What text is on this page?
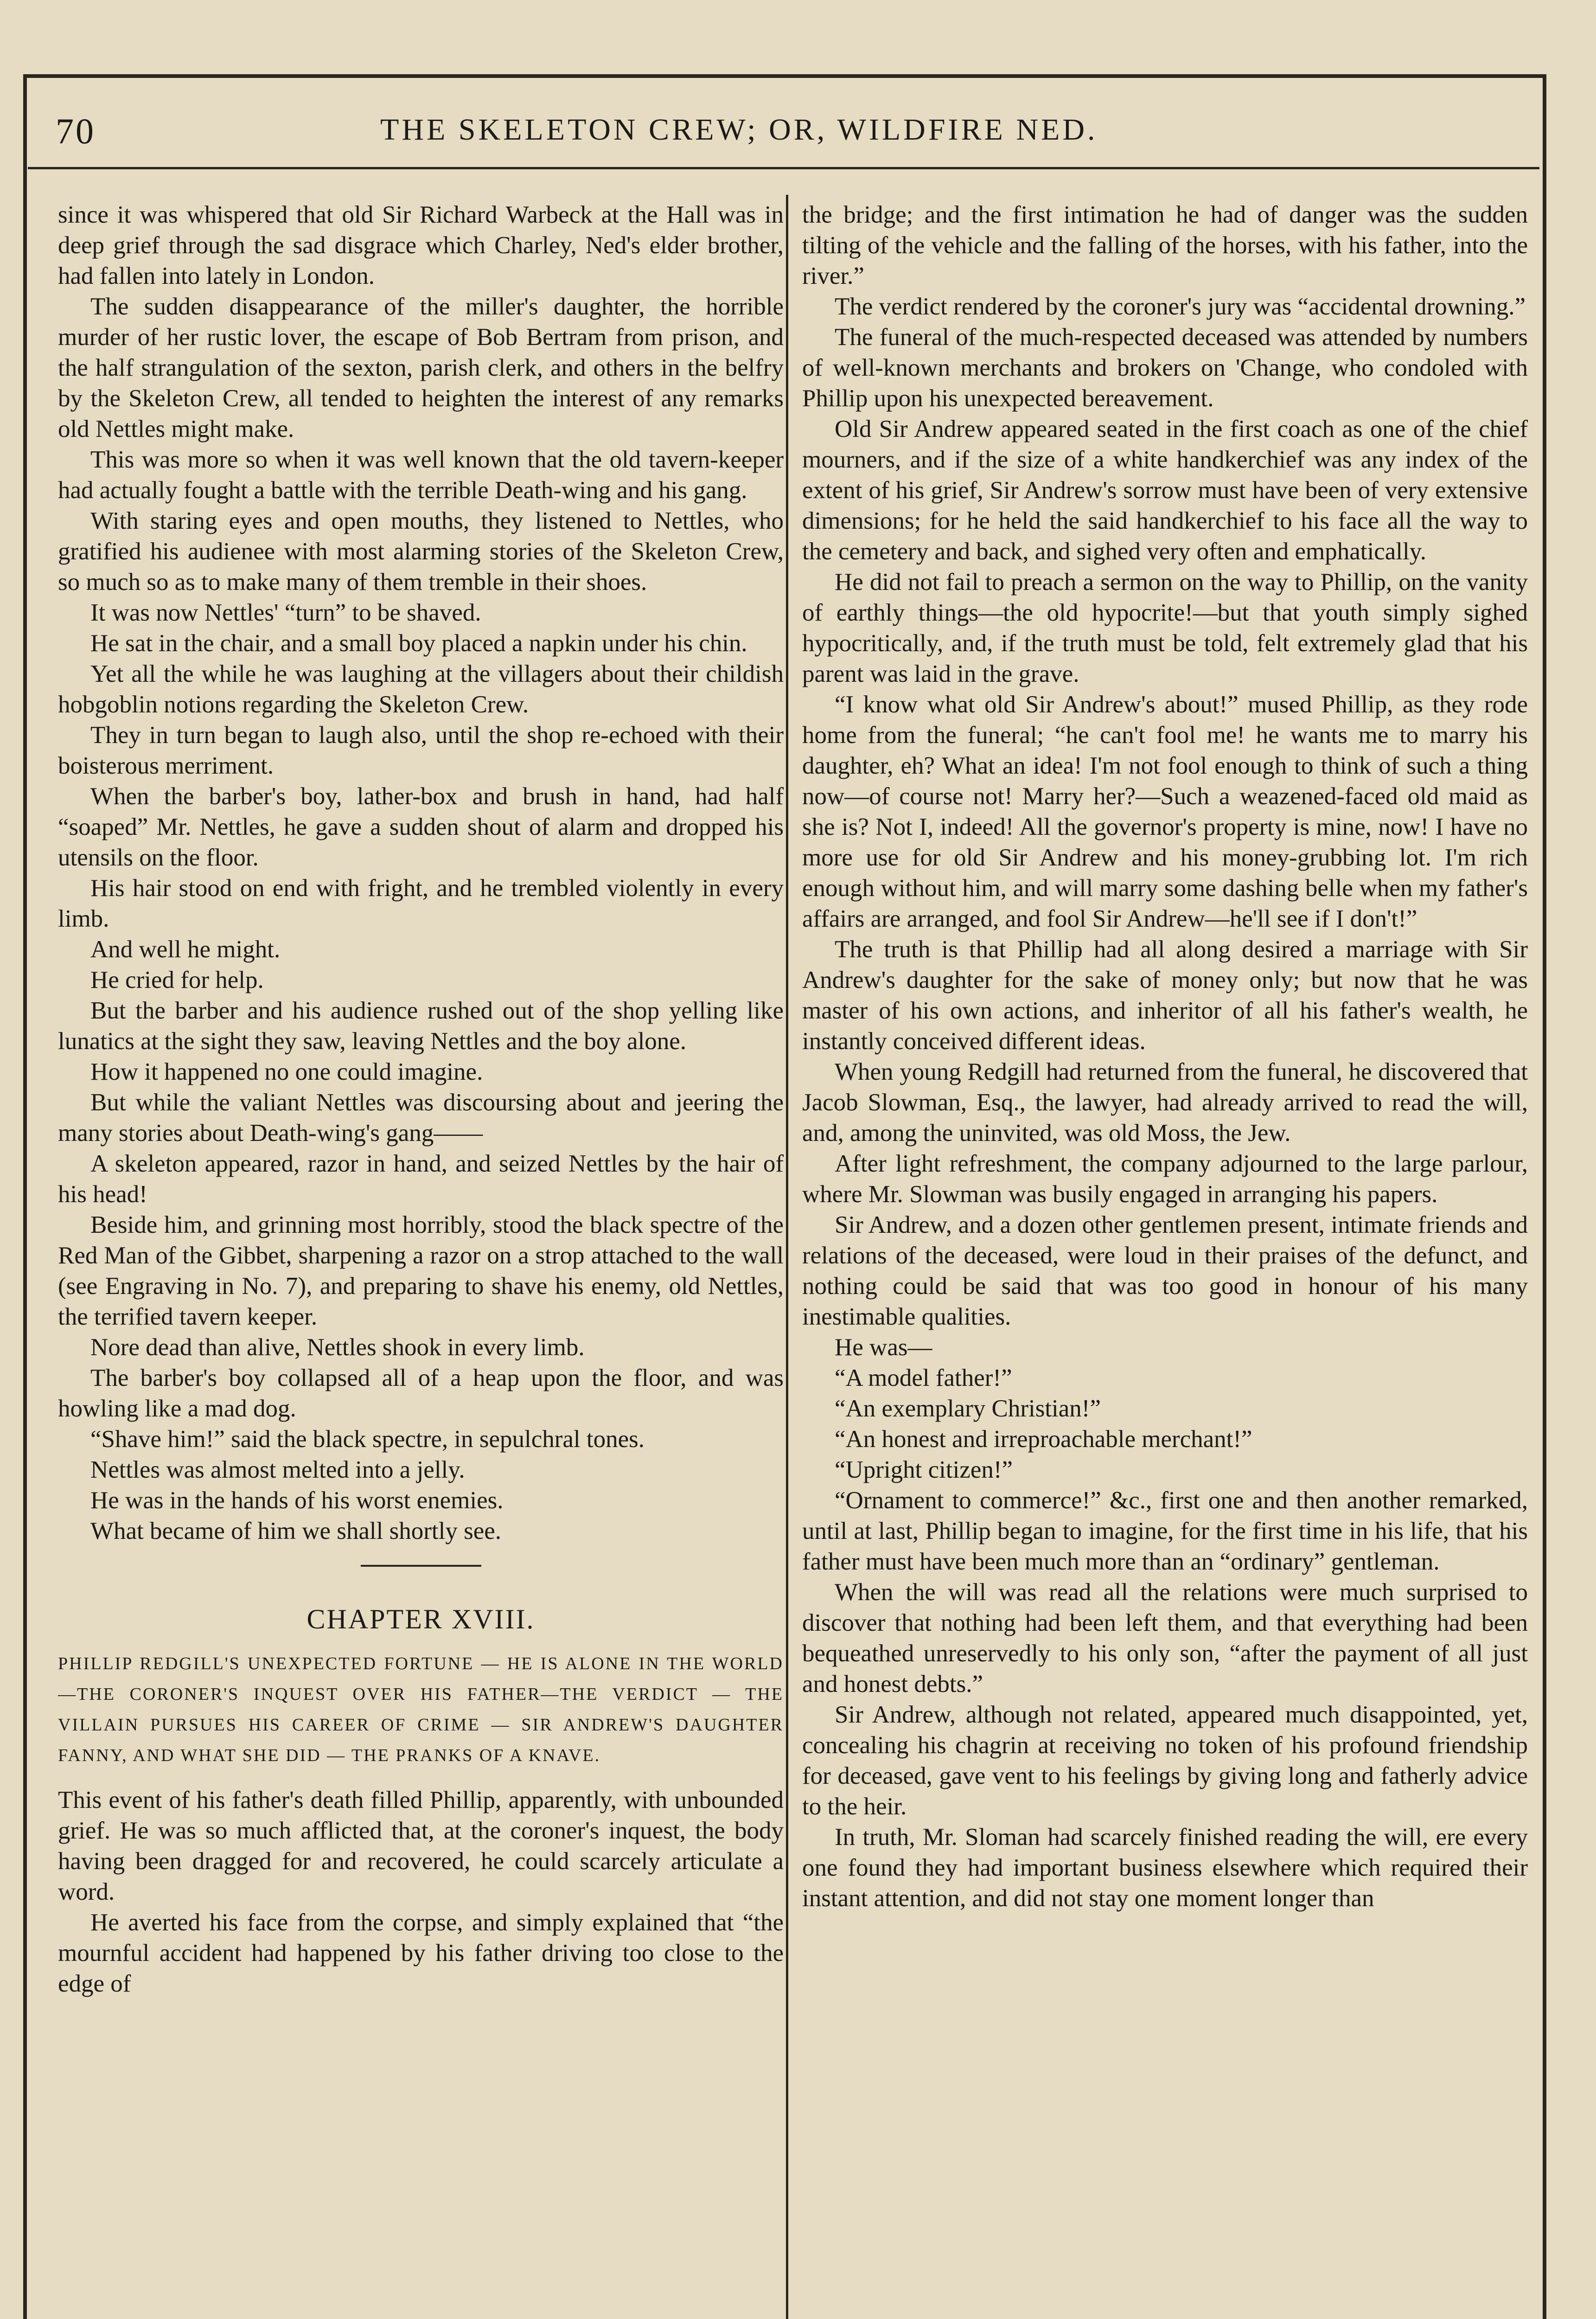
70	THE SKELETON CREW; OR, WILDFIRE NED.

since it was whispered that old Sir Richard Warbeck at the Hall was in deep grief through the sad disgrace which Charley, Ned's elder brother, had fallen into lately in London.

The sudden disappearance of the miller's daughter, the horrible murder of her rustic lover, the escape of Bob Bertram from prison, and the half strangulation of the sexton, parish clerk, and others in the belfry by the Skeleton Crew, all tended to heighten the interest of any remarks old Nettles might make.

This was more so when it was well known that the old tavern-keeper had actually fought a battle with the terrible Death-wing and his gang.

With staring eyes and open mouths, they listened to Nettles, who gratified his audienee with most alarming stories of the Skeleton Crew, so much so as to make many of them tremble in their shoes.

It was now Nettles' “turn” to be shaved.

He sat in the chair, and a small boy placed a napkin under his chin.

Yet all the while he was laughing at the villagers about their childish hobgoblin notions regarding the Skeleton Crew.

They in turn began to laugh also, until the shop re-echoed with their boisterous merriment.

When the barber's boy, lather-box and brush in hand, had half “soaped” Mr. Nettles, he gave a sudden shout of alarm and dropped his utensils on the floor.

His hair stood on end with fright, and he trembled violently in every limb.

And well he might.

He cried for help.

But the barber and his audience rushed out of the shop yelling like lunatics at the sight they saw, leaving Nettles and the boy alone.

How it happened no one could imagine.

But while the valiant Nettles was discoursing about and jeering the many stories about Death-wing's gang——

A skeleton appeared, razor in hand, and seized Nettles by the hair of his head!

Beside him, and grinning most horribly, stood the black spectre of the Red Man of the Gibbet, sharpening a razor on a strop attached to the wall (see Engraving in No. 7), and preparing to shave his enemy, old Nettles, the terrified tavern keeper.

Nore dead than alive, Nettles shook in every limb.

The barber's boy collapsed all of a heap upon the floor, and was howling like a mad dog.

“Shave him!” said the black spectre, in sepulchral tones.

Nettles was almost melted into a jelly.

He was in the hands of his worst enemies.

What became of him we shall shortly see.

CHAPTER XVIII.
PHILLIP REDGILL'S UNEXPECTED FORTUNE — HE IS ALONE IN THE WORLD—THE CORONER'S INQUEST OVER HIS FATHER—THE VERDICT — THE VILLAIN PURSUES HIS CAREER OF CRIME — SIR ANDREW'S DAUGHTER FANNY, AND WHAT SHE DID — THE PRANKS OF A KNAVE.

This event of his father's death filled Phillip, apparently, with unbounded grief. He was so much afflicted that, at the coroner's inquest, the body having been dragged for and recovered, he could scarcely articulate a word.

He averted his face from the corpse, and simply explained that “the mournful accident had happened by his father driving too close to the edge of

the bridge; and the first intimation he had of danger was the sudden tilting of the vehicle and the falling of the horses, with his father, into the river.”

The verdict rendered by the coroner's jury was “accidental drowning.”

The funeral of the much-respected deceased was attended by numbers of well-known merchants and brokers on 'Change, who condoled with Phillip upon his unexpected bereavement.

Old Sir Andrew appeared seated in the first coach as one of the chief mourners, and if the size of a white handkerchief was any index of the extent of his grief, Sir Andrew's sorrow must have been of very extensive dimensions; for he held the said handkerchief to his face all the way to the cemetery and back, and sighed very often and emphatically.

He did not fail to preach a sermon on the way to Phillip, on the vanity of earthly things—the old hypocrite!—but that youth simply sighed hypocritically, and, if the truth must be told, felt extremely glad that his parent was laid in the grave.

“I know what old Sir Andrew's about!” mused Phillip, as they rode home from the funeral; “he can't fool me! he wants me to marry his daughter, eh? What an idea! I'm not fool enough to think of such a thing now—of course not! Marry her?—Such a weazened-faced old maid as she is? Not I, indeed! All the governor's property is mine, now! I have no more use for old Sir Andrew and his money-grubbing lot. I'm rich enough without him, and will marry some dashing belle when my father's affairs are arranged, and fool Sir Andrew—he'll see if I don't!”

The truth is that Phillip had all along desired a marriage with Sir Andrew's daughter for the sake of money only; but now that he was master of his own actions, and inheritor of all his father's wealth, he instantly conceived different ideas.

When young Redgill had returned from the funeral, he discovered that Jacob Slowman, Esq., the lawyer, had already arrived to read the will, and, among the uninvited, was old Moss, the Jew.

After light refreshment, the company adjourned to the large parlour, where Mr. Slowman was busily engaged in arranging his papers.

Sir Andrew, and a dozen other gentlemen present, intimate friends and relations of the deceased, were loud in their praises of the defunct, and nothing could be said that was too good in honour of his many inestimable qualities.

He was—

“A model father!”

“An exemplary Christian!”

“An honest and irreproachable merchant!”

“Upright citizen!”

“Ornament to commerce!” &c., first one and then another remarked, until at last, Phillip began to imagine, for the first time in his life, that his father must have been much more than an “ordinary” gentleman.

When the will was read all the relations were much surprised to discover that nothing had been left them, and that everything had been bequeathed unreservedly to his only son, “after the payment of all just and honest debts.”

Sir Andrew, although not related, appeared much disappointed, yet, concealing his chagrin at receiving no token of his profound friendship for deceased, gave vent to his feelings by giving long and fatherly advice to the heir.

In truth, Mr. Sloman had scarcely finished reading the will, ere every one found they had important business elsewhere which required their instant attention, and did not stay one moment longer than
